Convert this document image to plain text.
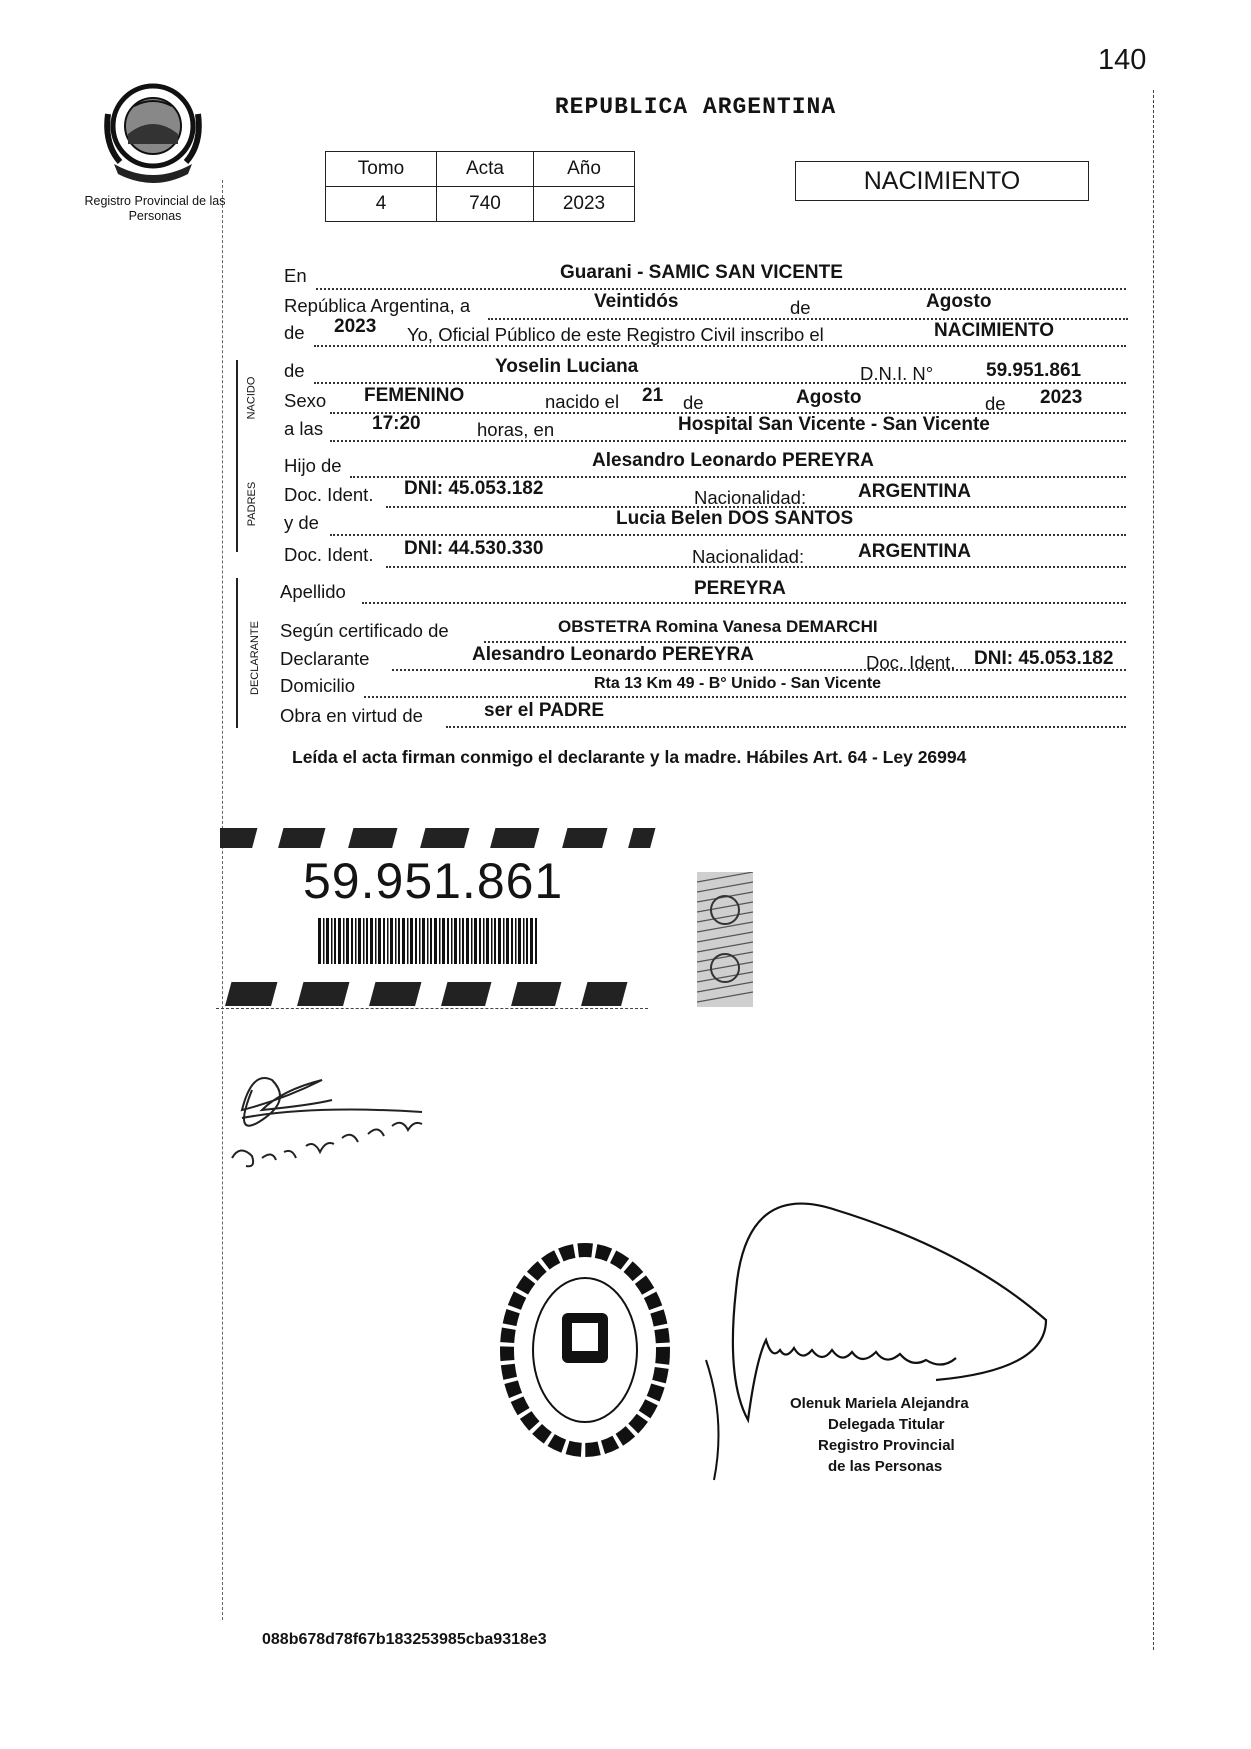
140
Registro Provincial de las Personas
REPUBLICA ARGENTINA
Tomo	Acta	Año
4	740	2023
NACIMIENTO
NACIDO
PADRES
DECLARANTE
En	Guarani - SAMIC SAN VICENTE
República Argentina, a	Veintidós	de	Agosto
de 2023 Yo, Oficial Público de este Registro Civil inscribo el	NACIMIENTO
de	Yoselin Luciana	D.N.I. N°	59.951.861
Sexo FEMENINO	nacido el 21 de	Agosto	de 2023
a las	17:20	horas, en	Hospital San Vicente - San Vicente
Hijo de	Alesandro Leonardo PEREYRA
Doc. Ident. DNI: 45.053.182	Nacionalidad:	ARGENTINA
y de	Lucia Belen DOS SANTOS
Doc. Ident. DNI: 44.530.330	Nacionalidad:	ARGENTINA
Apellido	PEREYRA
Según certificado de	OBSTETRA Romina Vanesa DEMARCHI
Declarante	Alesandro Leonardo PEREYRA	Doc. Ident. DNI: 45.053.182
Domicilio	Rta 13 Km 49 - B° Unido - San Vicente
Obra en virtud de	ser el PADRE
Leída el acta firman conmigo el declarante y la madre. Hábiles Art. 64 - Ley 26994
59.951.861
Olenuk Mariela Alejandra
Delegada Titular
Registro Provincial
de las Personas
088b678d78f67b183253985cba9318e3
